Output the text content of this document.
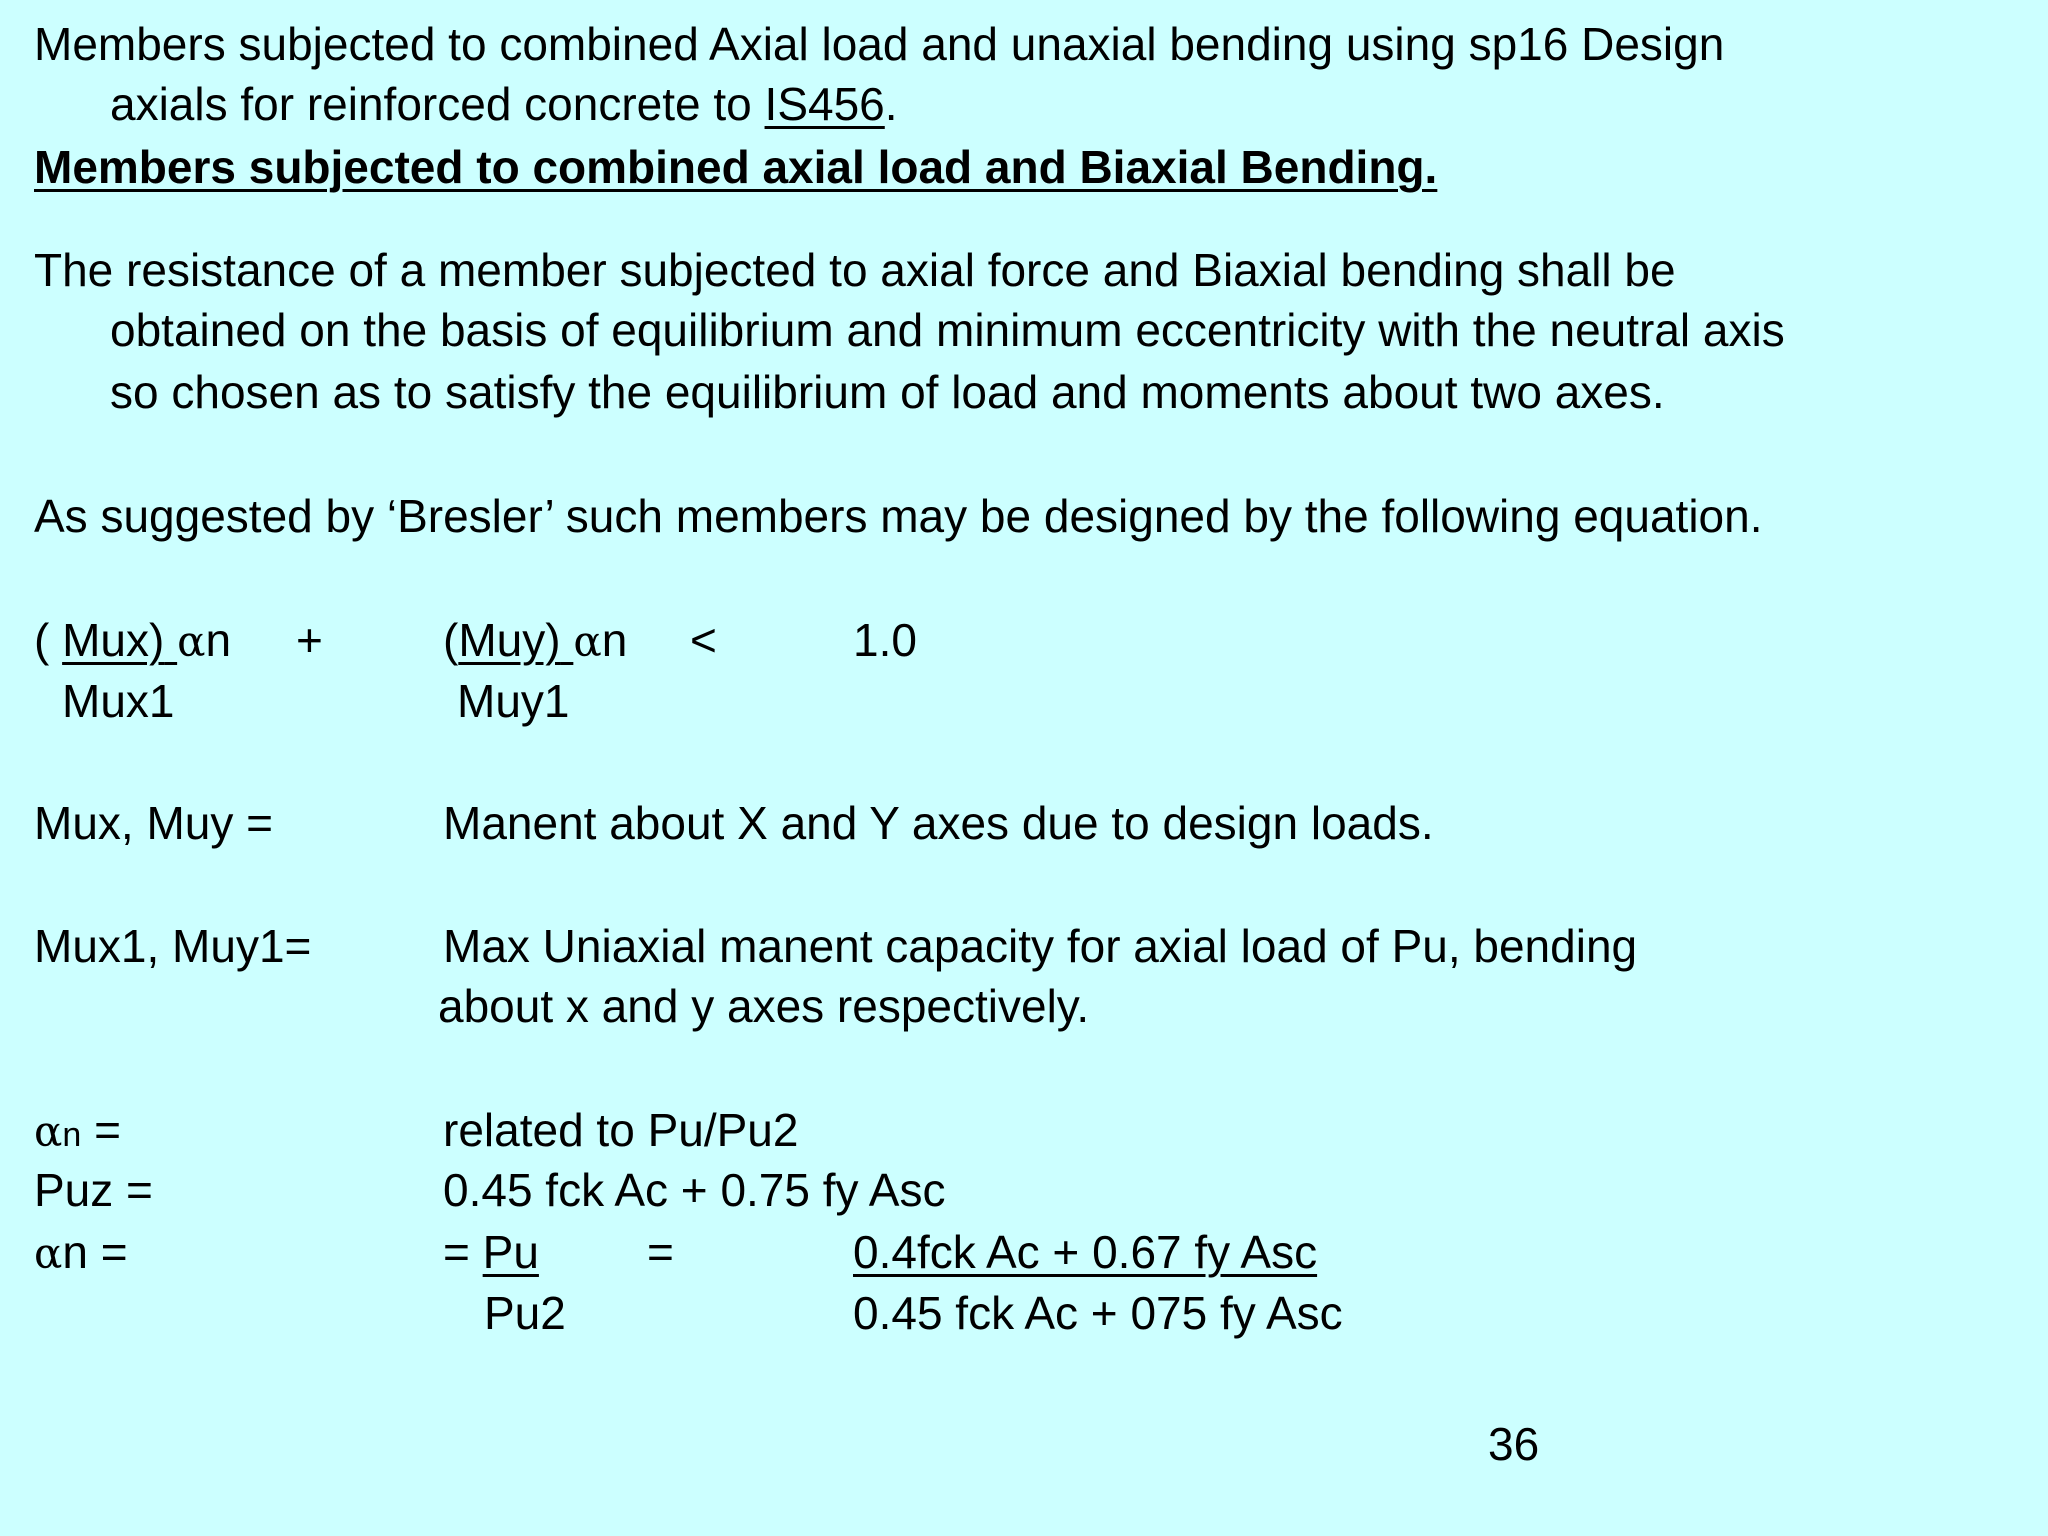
Members subjected to combined Axial load and unaxial bending using sp16 Design

axials for reinforced concrete to IS456.

Members subjected to combined axial load and Biaxial Bending.

The resistance of a member subjected to axial force and Biaxial bending shall be

obtained on the basis of equilibrium and minimum eccentricity with the neutral axis

so chosen as to satisfy the equilibrium of load and moments about two axes.

As suggested by ‘Bresler’ such members may be designed by the following equation.

( Mux) αn +	(Muy) αn <	1.0

Mux1	Muy1

Mux, Muy =	Manent about X and Y axes due to design loads.

Mux1, Muy1=	Max Uniaxial manent capacity for axial load of Pu, bending

about x and y axes respectively.

αn =	related to Pu/Pu2

Puz =	0.45 fck Ac + 0.75 fy Asc

αn =	= Pu =	0.4fck Ac + 0.67 fy Asc

Pu2	0.45 fck Ac + 075 fy Asc

36
